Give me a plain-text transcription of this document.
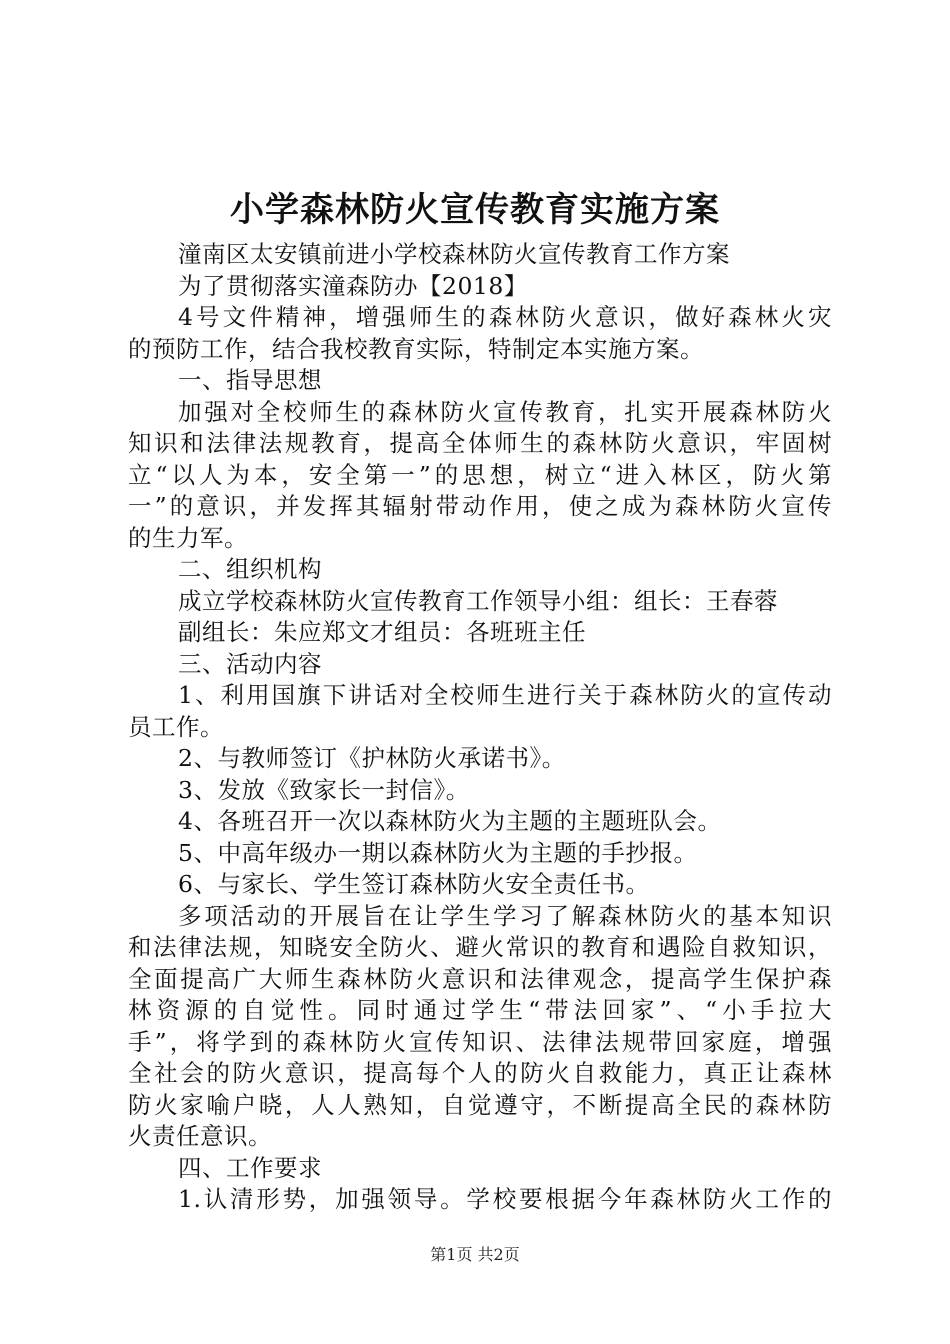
小学森林防火宣传教育实施方案
潼南区太安镇前进小学校森林防火宣传教育工作方案
为了贯彻落实潼森防办【2018】
4号文件精神，增强师生的森林防火意识，做好森林火灾
的预防工作，结合我校教育实际，特制定本实施方案。
一、指导思想
加强对全校师生的森林防火宣传教育，扎实开展森林防火
知识和法律法规教育，提高全体师生的森林防火意识，牢固树
立“以人为本，安全第一”的思想，树立“进入林区，防火第
一”的意识，并发挥其辐射带动作用，使之成为森林防火宣传
的生力军。
二、组织机构
成立学校森林防火宣传教育工作领导小组：组长：王春蓉
副组长：朱应郑文才组员：各班班主任
三、活动内容
1、利用国旗下讲话对全校师生进行关于森林防火的宣传动
员工作。
2、与教师签订《护林防火承诺书》。
3、发放《致家长一封信》。
4、各班召开一次以森林防火为主题的主题班队会。
5、中高年级办一期以森林防火为主题的手抄报。
6、与家长、学生签订森林防火安全责任书。
多项活动的开展旨在让学生学习了解森林防火的基本知识
和法律法规，知晓安全防火、避火常识的教育和遇险自救知识，
全面提高广大师生森林防火意识和法律观念，提高学生保护森
林资源的自觉性。同时通过学生“带法回家”、“小手拉大
手”，将学到的森林防火宣传知识、法律法规带回家庭，增强
全社会的防火意识，提高每个人的防火自救能力，真正让森林
防火家喻户晓，人人熟知，自觉遵守，不断提高全民的森林防
火责任意识。
四、工作要求
1.认清形势，加强领导。学校要根据今年森林防火工作的
第1页 共2页
